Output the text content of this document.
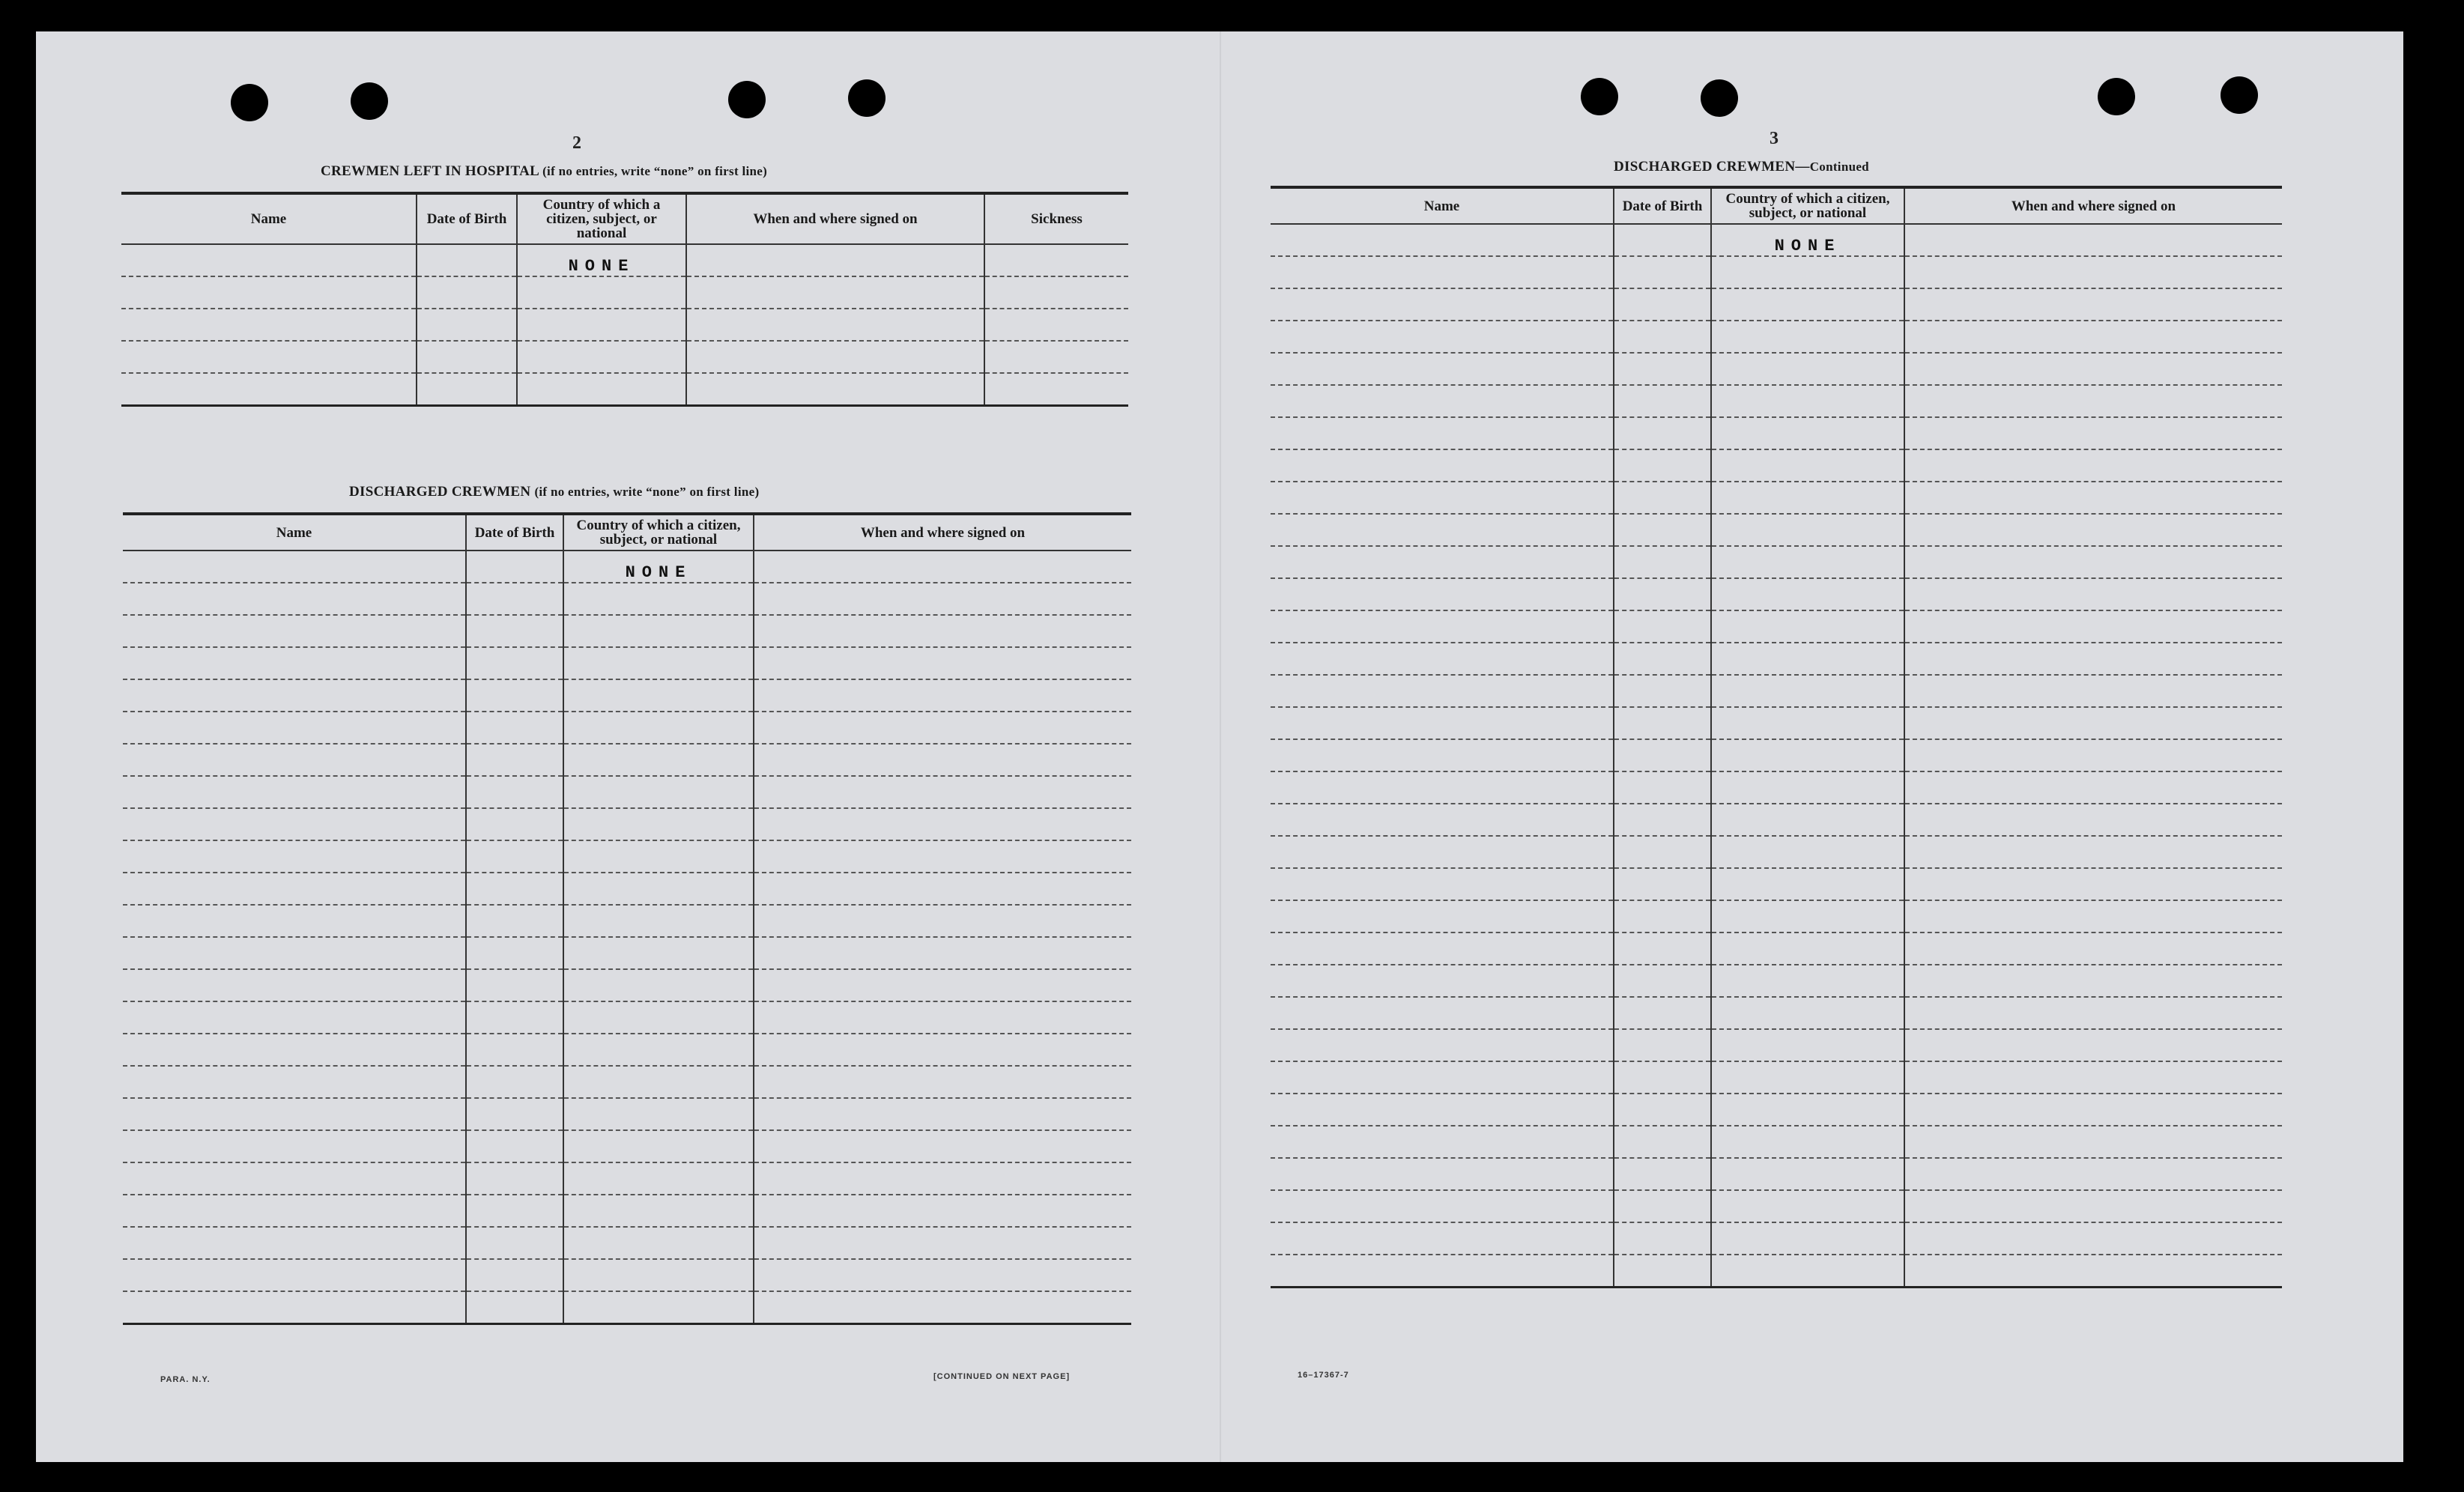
2
CREWMEN LEFT IN HOSPITAL (if no entries, write “none” on first line)
Name	Date of Birth	Country of which a citizen, subject, or national	When and where signed on	Sickness
		NONE		

DISCHARGED CREWMEN (if no entries, write “none” on first line)
Name	Date of Birth	Country of which a citizen, subject, or national	When and where signed on
		NONE	

PARA. N.Y.	[CONTINUED ON NEXT PAGE]
3
DISCHARGED CREWMEN—Continued
Name	Date of Birth	Country of which a citizen, subject, or national	When and where signed on
		NONE	

16–17367-7
